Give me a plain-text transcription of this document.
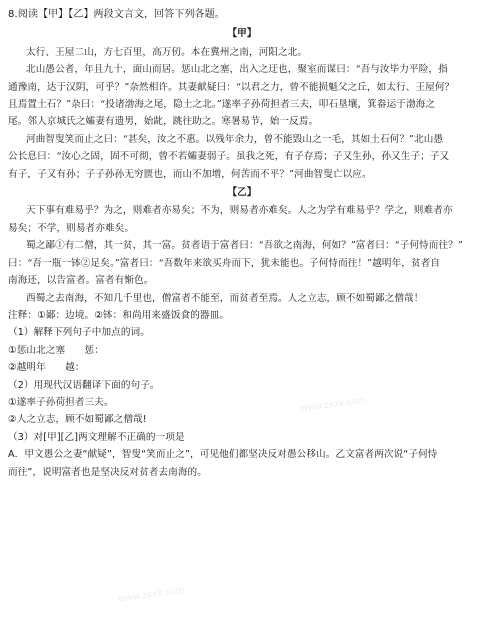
www.zxxk.com
www.zxxk.com
8.阅读【甲】【乙】两段文言文，回答下列各题。
【甲】
太行、王屋二山，方七百里，高万仞。本在冀州之南，河阳之北。
北山愚公者，年且九十，面山而居。惩山北之塞，出入之迂也，聚室而谋曰：“吾与汝毕力平险，指
通豫南，达于汉阴，可乎？”杂然相许。其妻献疑曰：“以君之力，曾不能损魁父之丘，如太行、王屋何？
且焉置土石？”杂曰：“投诸渤海之尾，隐土之北。”遂率子孙荷担者三夫，叩石垦壤，箕畚运于渤海之
尾。邻人京城氏之孀妻有遗男，始龀，跳往助之。寒暑易节，始一反焉。
河曲智叟笑而止之曰：“甚矣，汝之不惠。以残年余力，曾不能毁山之一毛，其如土石何？”北山愚
公长息曰：“汝心之固，固不可彻，曾不若孀妻弱子。虽我之死，有子存焉；子又生孙，孙又生子；子又
有子，子又有孙；子子孙孙无穷匮也，而山不加增，何苦而不平？”河曲智叟亡以应。
【乙】
天下事有难易乎？为之，则难者亦易矣；不为，则易者亦难矣。人之为学有难易乎？学之，则难者亦
易矣；不学，则易者亦难矣。
蜀之鄙①有二僧，其一贫，其一富。贫者语于富者曰：“吾欲之南海，何如？”富者曰：“子何恃而往？”
曰：“吾一瓶一钵②足矣。”富者曰：“吾数年来欲买舟而下，犹未能也。子何恃而往！”越明年，贫者自
南海还，以告富者。富者有惭色。
西蜀之去南海，不知几千里也，僧富者不能至，而贫者至焉。人之立志，顾不如蜀鄙之僧哉！
注释：①鄙：边境。②钵：和尚用来盛饭食的器皿。
（1）解释下列句子中加点的词。
①惩山北之塞　　惩：
②越明年　　越：
（2）用现代汉语翻译下面的句子。
①遂率子孙荷担者三夫。
②人之立志，顾不如蜀鄙之僧哉!
（3）对[甲][乙]两文理解不正确的一项是
A．甲文愚公之妻“献疑”，智叟“笑而止之”，可见他们都坚决反对愚公移山。乙文富者两次说“子何恃
而往”，说明富者也是坚决反对贫者去南海的。
